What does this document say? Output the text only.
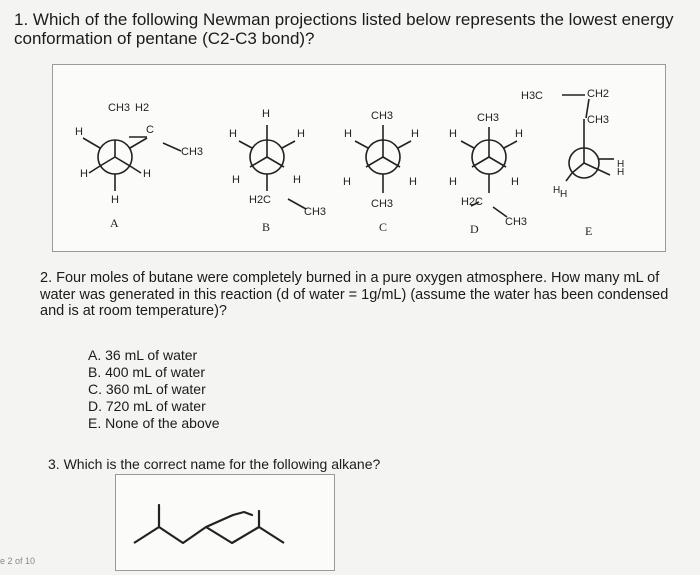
1. Which of the following Newman projections listed below represents the lowest energy
conformation of pentane (C2-C3 bond)?
CH3 H2
C
CH3
H
H	H
H
A
H
H	H
H	H
H2C
CH3
B
CH3
H	H
H	H
CH3
C
CH3
H	H
H	H
H2C
CH3
D
H3C	CH2
CH3
H H
H
H
E
2. Four moles of butane were completely burned in a pure oxygen atmosphere. How many mL of water was generated in this reaction (d of water = 1g/mL) (assume the water has been condensed and is at room temperature)?
A. 36 mL of water
B. 400 mL of water
C. 360 mL of water
D. 720 mL of water
E. None of the above
3. Which is the correct name for the following alkane?
e 2 of 10
